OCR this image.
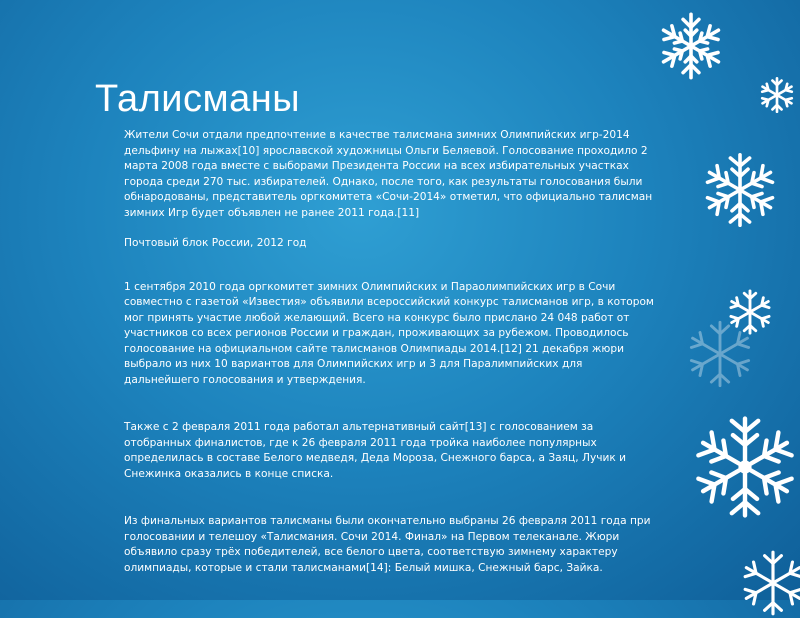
Талисманы
Жители Сочи отдали предпочтение в качестве талисмана зимних Олимпийских игр-2014
дельфину на лыжах[10] ярославской художницы Ольги Беляевой. Голосование проходило 2
марта 2008 года вместе с выборами Президента России на всех избирательных участках
города среди 270 тыс. избирателей. Однако, после того, как результаты голосования были
обнародованы, представитель оргкомитета «Сочи-2014» отметил, что официально талисман
зимних Игр будет объявлен не ранее 2011 года.[11]
Почтовый блок России, 2012 год
1 сентября 2010 года оргкомитет зимних Олимпийских и Параолимпийских игр в Сочи
совместно с газетой «Известия» объявили всероссийский конкурс талисманов игр, в котором
мог принять участие любой желающий. Всего на конкурс было прислано 24 048 работ от
участников со всех регионов России и граждан, проживающих за рубежом. Проводилось
голосование на официальном сайте талисманов Олимпиады 2014.[12] 21 декабря жюри
выбрало из них 10 вариантов для Олимпийских игр и 3 для Паралимпийских для
дальнейшего голосования и утверждения.
Также с 2 февраля 2011 года работал альтернативный сайт[13] с голосованием за
отобранных финалистов, где к 26 февраля 2011 года тройка наиболее популярных
определилась в составе Белого медведя, Деда Мороза, Снежного барса, а Заяц, Лучик и
Снежинка оказались в конце списка.
Из финальных вариантов талисманы были окончательно выбраны 26 февраля 2011 года при
голосовании и телешоу «Талисмания. Сочи 2014. Финал» на Первом телеканале. Жюри
объявило сразу трёх победителей, все белого цвета, соответствую зимнему характеру
олимпиады, которые и стали талисманами[14]: Белый мишка, Снежный барс, Зайка.
